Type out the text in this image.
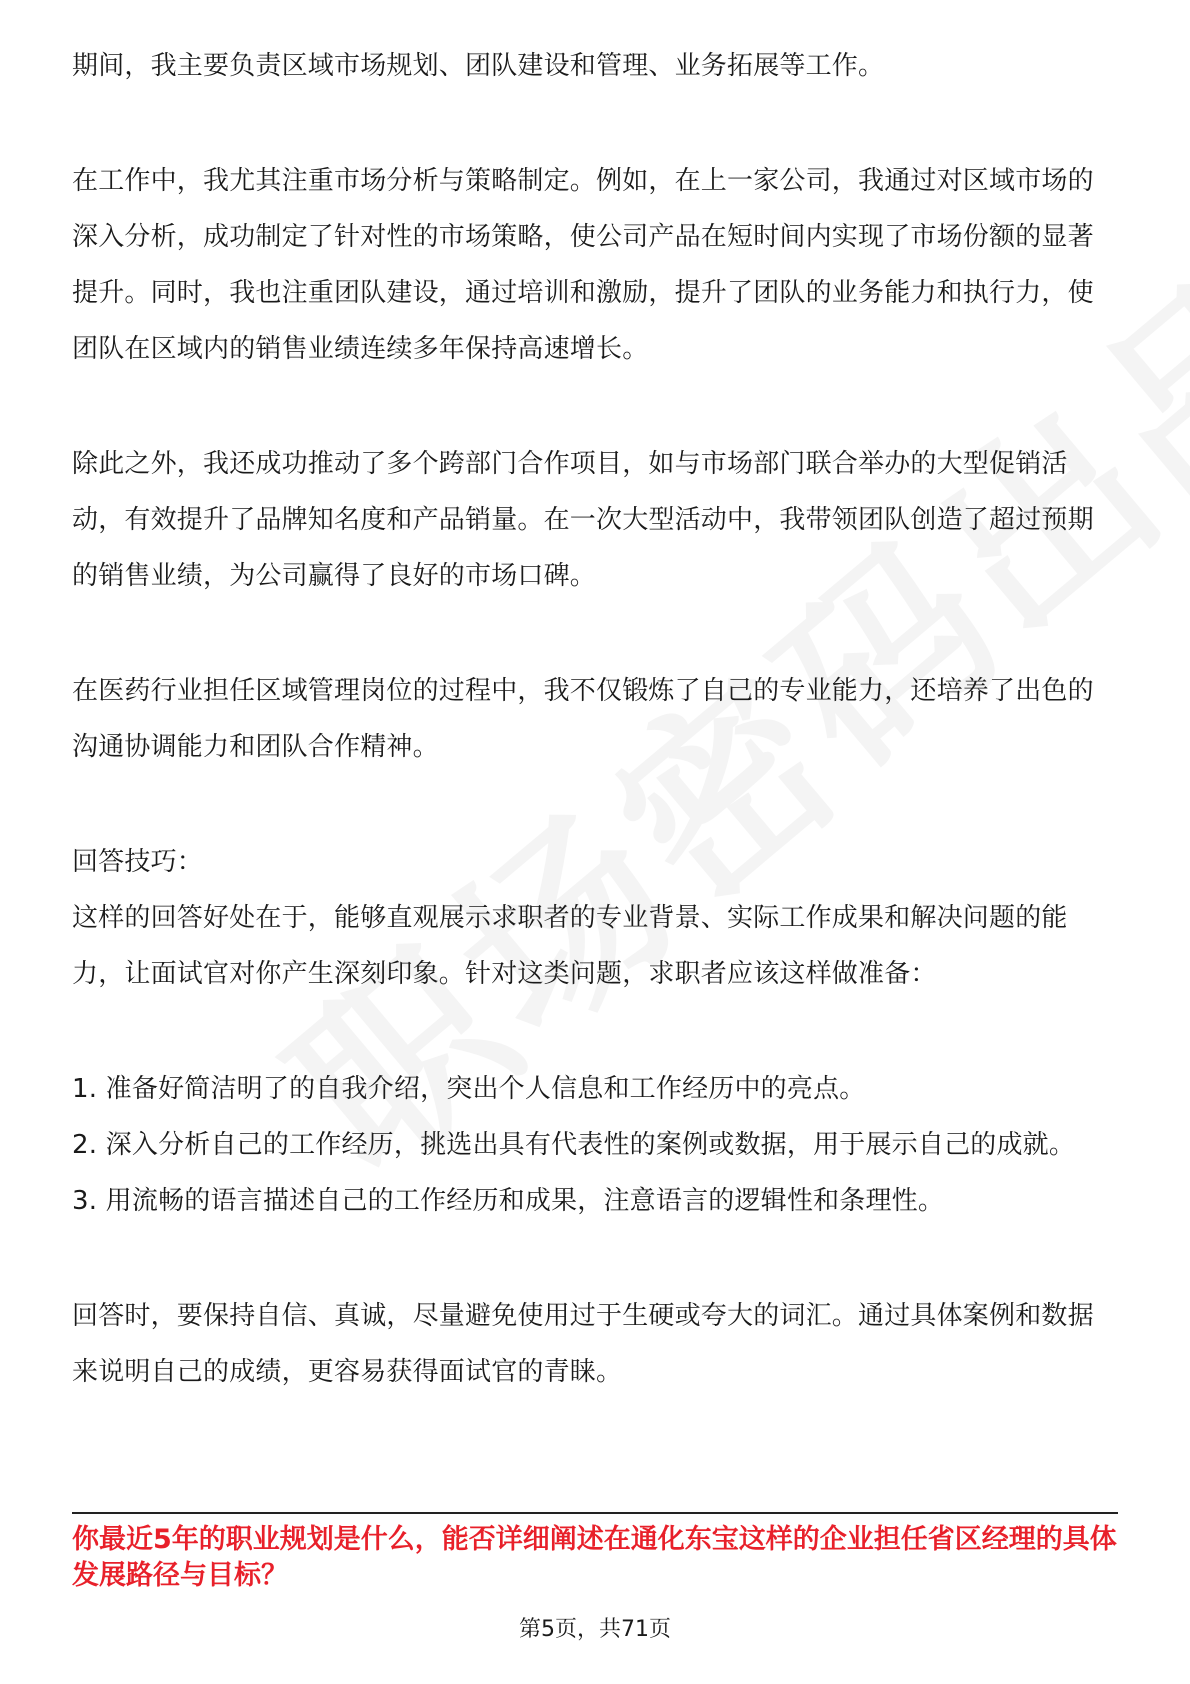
期间，我主要负责区域市场规划、团队建设和管理、业务拓展等工作。

在工作中，我尤其注重市场分析与策略制定。例如，在上一家公司，我通过对区域市场的深入分析，成功制定了针对性的市场策略，使公司产品在短时间内实现了市场份额的显著提升。同时，我也注重团队建设，通过培训和激励，提升了团队的业务能力和执行力，使团队在区域内的销售业绩连续多年保持高速增长。

除此之外，我还成功推动了多个跨部门合作项目，如与市场部门联合举办的大型促销活动，有效提升了品牌知名度和产品销量。在一次大型活动中，我带领团队创造了超过预期的销售业绩，为公司赢得了良好的市场口碑。

在医药行业担任区域管理岗位的过程中，我不仅锻炼了自己的专业能力，还培养了出色的沟通协调能力和团队合作精神。

回答技巧：

这样的回答好处在于，能够直观展示求职者的专业背景、实际工作成果和解决问题的能力，让面试官对你产生深刻印象。针对这类问题，求职者应该这样做准备：

1. 准备好简洁明了的自我介绍，突出个人信息和工作经历中的亮点。

2. 深入分析自己的工作经历，挑选出具有代表性的案例或数据，用于展示自己的成就。

3. 用流畅的语言描述自己的工作经历和成果，注意语言的逻辑性和条理性。

回答时，要保持自信、真诚，尽量避免使用过于生硬或夸大的词汇。通过具体案例和数据来说明自己的成绩，更容易获得面试官的青睐。

你最近5年的职业规划是什么，能否详细阐述在通化东宝这样的企业担任省区经理的具体发展路径与目标？

第5页，共71页
